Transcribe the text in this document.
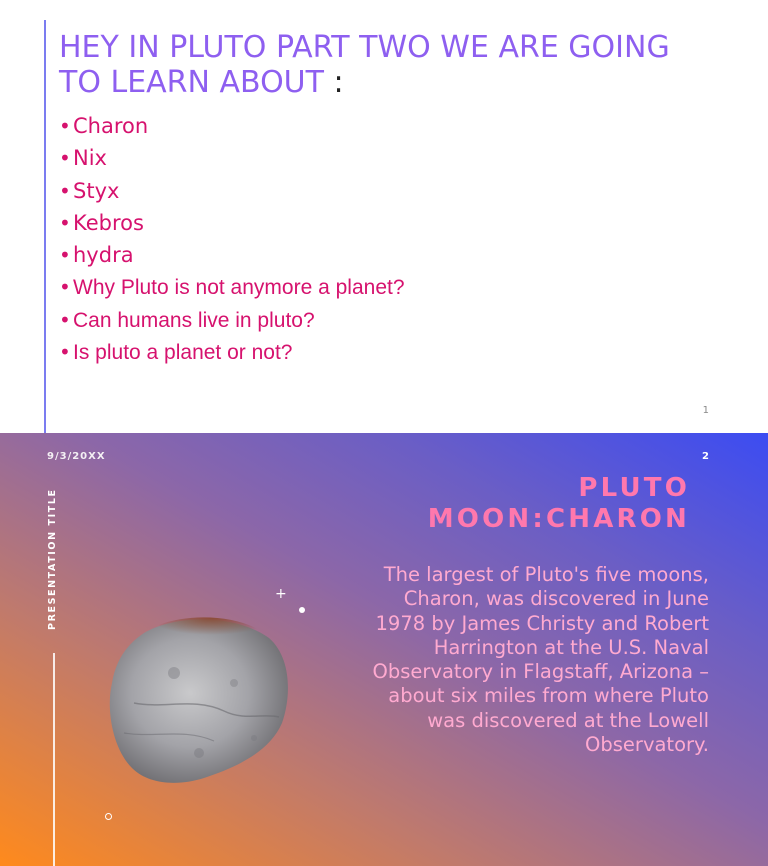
HEY IN PLUTO PART TWO WE ARE GOING TO LEARN ABOUT :
• Charon
• Nix
• Styx
• Kebros
• hydra
• Why Pluto is not anymore a planet?
• Can humans live in pluto?
• Is pluto a planet or not?
1
9/3/20XX	2
PRESENTATION TITLE	+
PLUTO MOON:CHARON

The largest of Pluto's five moons, Charon, was discovered in June 1978 by James Christy and Robert Harrington at the U.S. Naval Observatory in Flagstaff, Arizona – about six miles from where Pluto was discovered at the Lowell Observatory.
